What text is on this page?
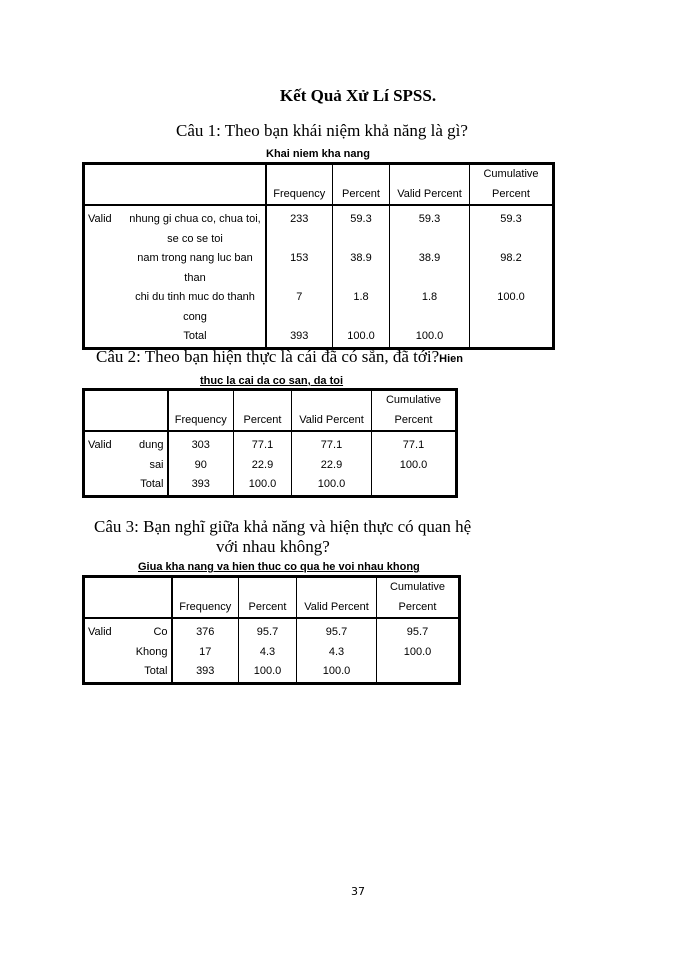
Kết Quả Xử Lí SPSS.
Câu 1: Theo bạn khái niệm khả năng là gì?
Khai niem kha nang
		Frequency	Percent	Valid Percent	Cumulative Percent
Valid	nhung gi chua co, chua toi, se co se toi	233	59.3	59.3	59.3
	nam trong nang luc ban than	153	38.9	38.9	98.2
	chi du tinh muc do thanh cong	7	1.8	1.8	100.0
	Total	393	100.0	100.0	
Câu 2: Theo bạn hiện thực là cái đã có sẵn, đã tới?Hien
thuc la cai da co san, da toi
		Frequency	Percent	Valid Percent	Cumulative Percent
Valid	dung	303	77.1	77.1	77.1
	sai	90	22.9	22.9	100.0
	Total	393	100.0	100.0	
Câu 3: Bạn nghĩ giữa khả năng và hiện thực có quan hệ
với nhau không?
Giua kha nang va hien thuc co qua he voi nhau khong
		Frequency	Percent	Valid Percent	Cumulative Percent
Valid	Co	376	95.7	95.7	95.7
	Khong	17	4.3	4.3	100.0
	Total	393	100.0	100.0	
37
